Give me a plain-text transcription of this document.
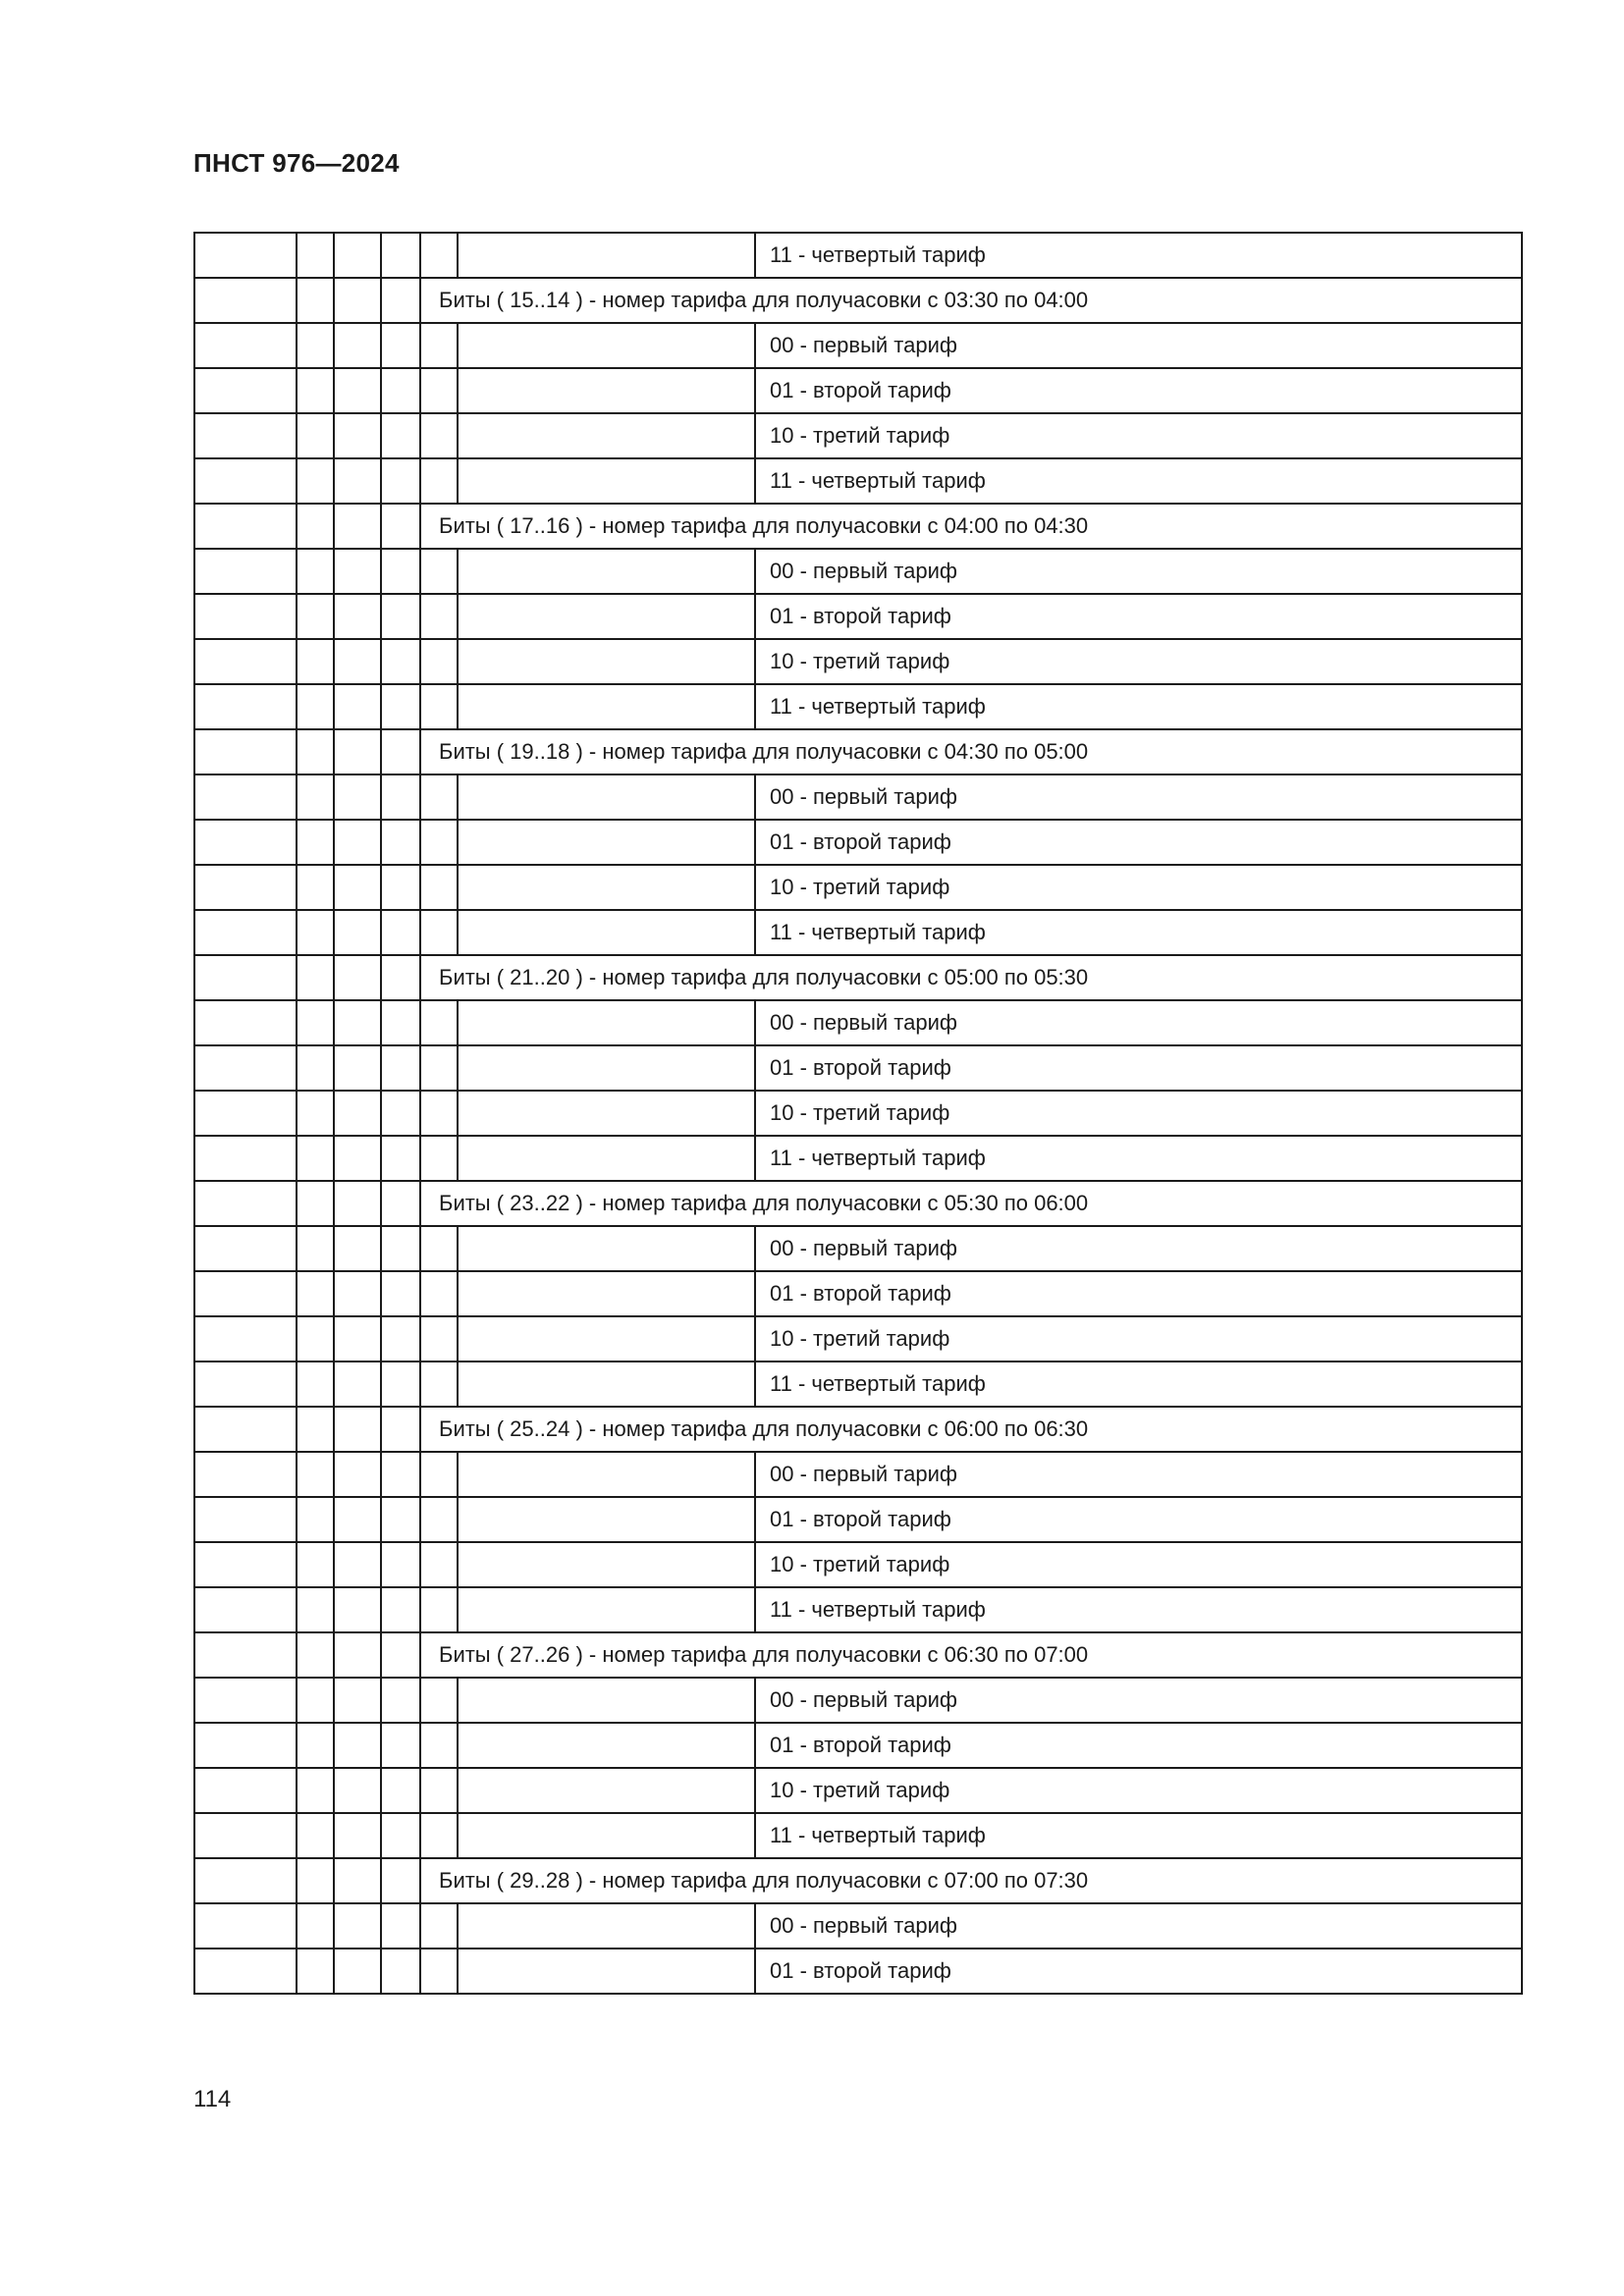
ПНСТ 976—2024
						11 - четвертый тариф
				Биты ( 15..14 ) - номер тарифа для получасовки с 03:30 по 04:00		
						00 - первый тариф
						01 - второй тариф
						10 - третий тариф
						11 - четвертый тариф
				Биты ( 17..16 ) - номер тарифа для получасовки с 04:00 по 04:30		
						00 - первый тариф
						01 - второй тариф
						10 - третий тариф
						11 - четвертый тариф
				Биты ( 19..18 ) - номер тарифа для получасовки с 04:30 по 05:00		
						00 - первый тариф
						01 - второй тариф
						10 - третий тариф
						11 - четвертый тариф
				Биты ( 21..20 ) - номер тарифа для получасовки с 05:00 по 05:30		
						00 - первый тариф
						01 - второй тариф
						10 - третий тариф
						11 - четвертый тариф
				Биты ( 23..22 ) - номер тарифа для получасовки с 05:30 по 06:00		
						00 - первый тариф
						01 - второй тариф
						10 - третий тариф
						11 - четвертый тариф
				Биты ( 25..24 ) - номер тарифа для получасовки с 06:00 по 06:30		
						00 - первый тариф
						01 - второй тариф
						10 - третий тариф
						11 - четвертый тариф
				Биты ( 27..26 ) - номер тарифа для получасовки с 06:30 по 07:00		
						00 - первый тариф
						01 - второй тариф
						10 - третий тариф
						11 - четвертый тариф
				Биты ( 29..28 ) - номер тарифа для получасовки с 07:00 по 07:30		
						00 - первый тариф
						01 - второй тариф
114
